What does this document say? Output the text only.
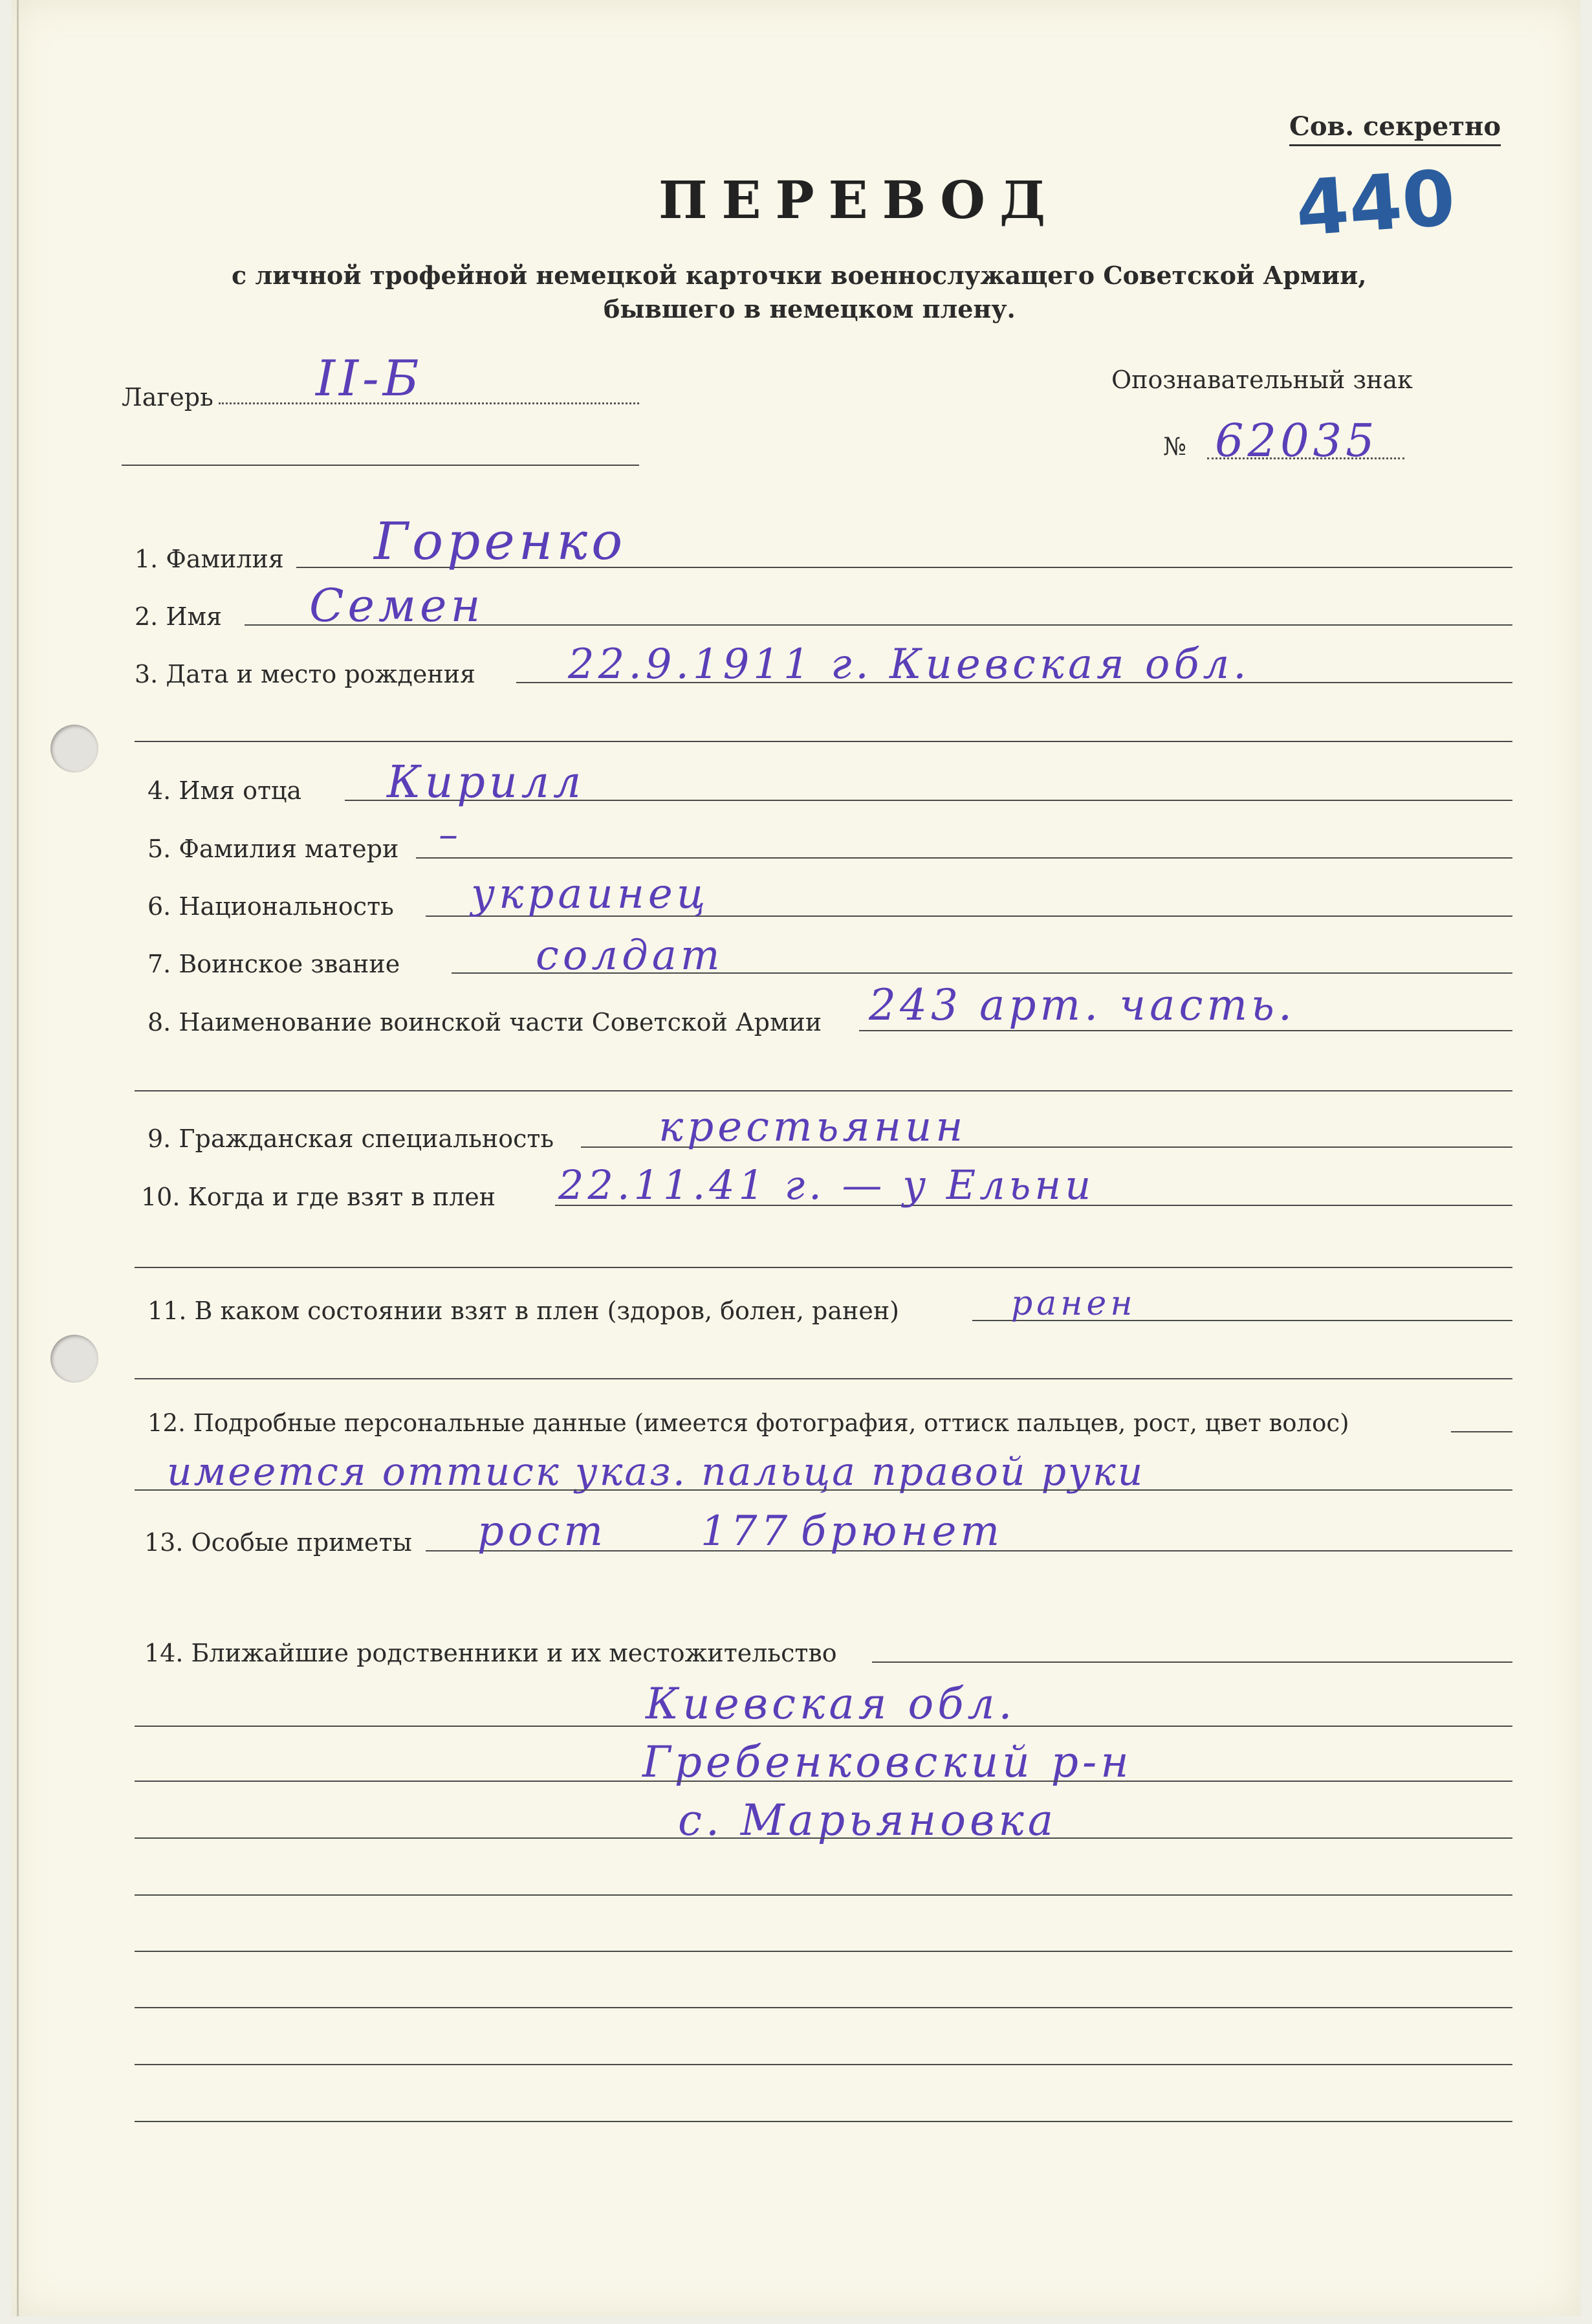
Сов. секретно
440
ПЕРЕВОД
с личной трофейной немецкой карточки военнослужащего Советской Армии,
бывшего в немецком плену.
Лагерь II-Б	Опознавательный знак
№ 62035
1. Фамилия Горенко
2. Имя Семен
3. Дата и место рождения 22.9.1911 г. Киевская обл.
4. Имя отца Кирилл
5. Фамилия матери –
6. Национальность украинец
7. Воинское звание	солдат
8. Наименование воинской части Советской Армии 243 арт. часть.
9. Гражданская специальность	крестьянин
10. Когда и где взят в плен 22.11.41 г. — у Ельни
11. В каком состоянии взят в плен (здоров, болен, ранен)	ранен
12. Подробные персональные данные (имеется фотография, оттиск пальцев, рост, цвет волос)
имеется оттиск указ. пальца правой руки
13. Особые приметы рост 177 брюнет
14. Ближайшие родственники и их местожительство
Киевская обл.
Гребенковский р-н
с. Марьяновка
